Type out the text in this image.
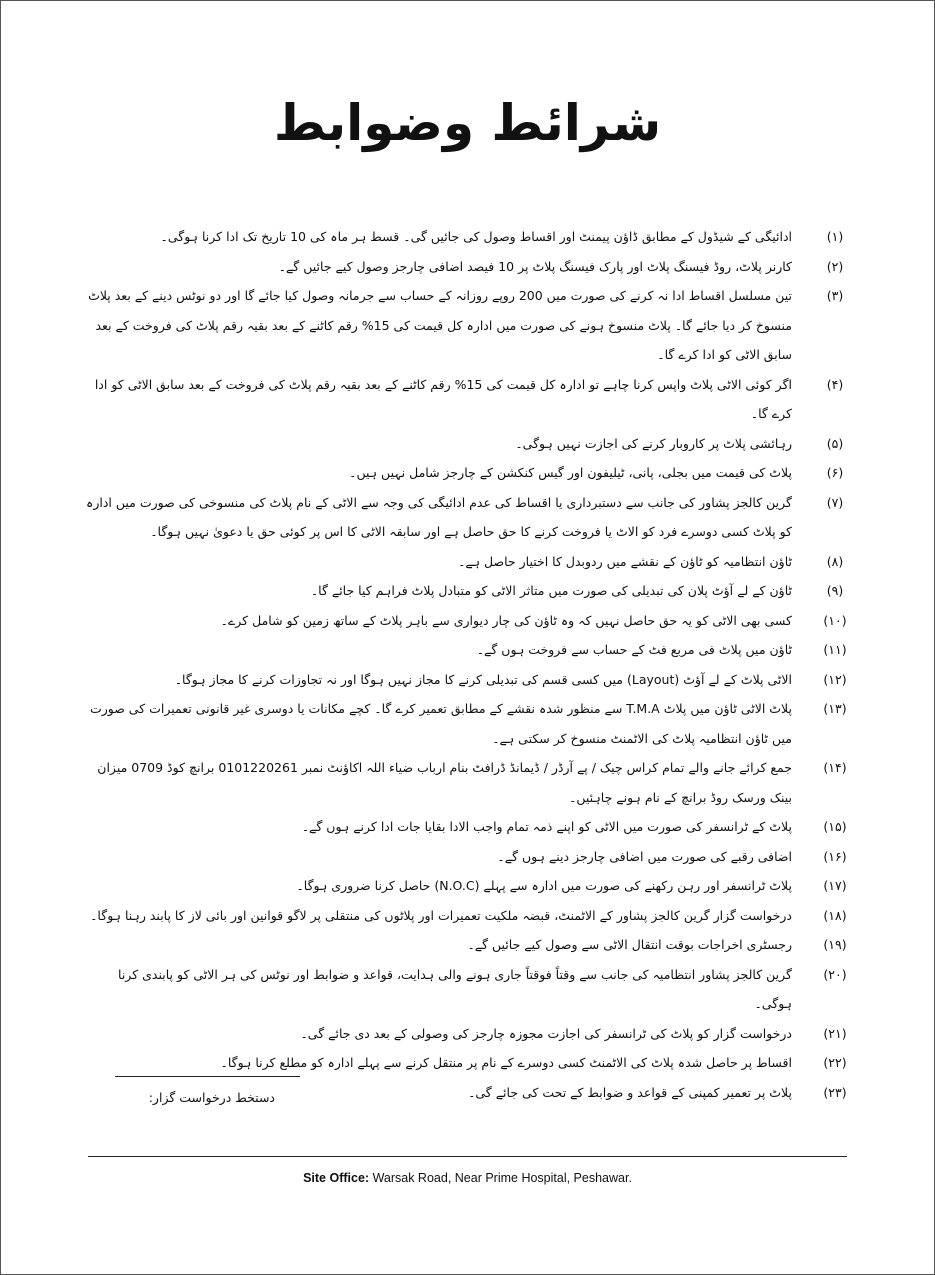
شرائط وضوابط
ادائیگی کے شیڈول کے مطابق ڈاؤن پیمنٹ اور اقساط وصول کی جائیں گی۔ قسط ہر ماہ کی 10 تاریخ تک ادا کرنا ہوگی۔	(۱)
کارنر پلاٹ، روڈ فیسنگ پلاٹ اور پارک فیسنگ پلاٹ پر 10 فیصد اضافی چارجز وصول کیے جائیں گے۔	(۲)
تین مسلسل اقساط ادا نہ کرنے کی صورت میں 200 روپے روزانہ کے حساب سے جرمانہ وصول کیا جائے گا اور دو نوٹس دینے کے بعد پلاٹ منسوخ کر دیا جائے گا۔ پلاٹ منسوخ ہونے کی صورت میں ادارہ کل قیمت کی 15% رقم کاٹنے کے بعد بقیہ رقم پلاٹ کی فروخت کے بعد سابق الاٹی کو ادا کرے گا۔
(۳)
اگر کوئی الاٹی پلاٹ واپس کرنا چاہے تو ادارہ کل قیمت کی 15% رقم کاٹنے کے بعد بقیہ رقم پلاٹ کی فروخت کے بعد سابق الاٹی کو ادا کرے گا۔
(۴)
رہائشی پلاٹ پر کاروبار کرنے کی اجازت نہیں ہوگی۔	(۵)
پلاٹ کی قیمت میں بجلی، پانی، ٹیلیفون اور گیس کنکشن کے چارجز شامل نہیں ہیں۔	(۶)
گرین کالجز پشاور کی جانب سے دستبرداری یا اقساط کی عدم ادائیگی کی وجہ سے الاٹی کے نام پلاٹ کی منسوخی کی صورت میں ادارہ کو پلاٹ کسی دوسرے فرد کو الاٹ یا فروخت کرنے کا حق حاصل ہے اور سابقہ الاٹی کا اس پر کوئی حق یا دعویٰ نہیں ہوگا۔
(۷)
ٹاؤن انتظامیہ کو ٹاؤن کے نقشے میں ردوبدل کا اختیار حاصل ہے۔	(۸)
ٹاؤن کے لے آؤٹ پلان کی تبدیلی کی صورت میں متاثر الاٹی کو متبادل پلاٹ فراہم کیا جائے گا۔	(۹)
کسی بھی الاٹی کو یہ حق حاصل نہیں کہ وہ ٹاؤن کی چار دیواری سے باہر پلاٹ کے ساتھ زمین کو شامل کرے۔	(۱۰)
ٹاؤن میں پلاٹ فی مربع فٹ کے حساب سے فروخت ہوں گے۔	(۱۱)
الاٹی پلاٹ کے لے آؤٹ (Layout) میں کسی قسم کی تبدیلی کرنے کا مجاز نہیں ہوگا اور نہ تجاوزات کرنے کا مجاز ہوگا۔	(۱۲)
پلاٹ الاٹی ٹاؤن میں پلاٹ T.M.A سے منظور شدہ نقشے کے مطابق تعمیر کرے گا۔ کچے مکانات یا دوسری غیر قانونی تعمیرات کی صورت میں ٹاؤن انتظامیہ پلاٹ کی الاٹمنٹ منسوخ کر سکتی ہے۔
(۱۳)
جمع کرائے جانے والے تمام کراس چیک / پے آرڈر / ڈیمانڈ ڈرافٹ بنام ارباب ضیاء اللہ اکاؤنٹ نمبر 0101220261 برانچ کوڈ 0709 میزان بینک ورسک روڈ برانچ کے نام ہونے چاہئیں۔
(۱۴)
پلاٹ کے ٹرانسفر کی صورت میں الاٹی کو اپنے ذمہ تمام واجب الادا بقایا جات ادا کرنے ہوں گے۔	(۱۵)
اضافی رقبے کی صورت میں اضافی چارجز دینے ہوں گے۔	(۱۶)
پلاٹ ٹرانسفر اور رہن رکھنے کی صورت میں ادارہ سے پہلے (N.O.C) حاصل کرنا ضروری ہوگا۔	(۱۷)
درخواست گزار گرین کالجز پشاور کے الاٹمنٹ، قبضہ ملکیت تعمیرات اور پلاٹوں کی منتقلی پر لاگو قوانین اور بائی لاز کا پابند رہنا ہوگا۔	(۱۸)
رجسٹری اخراجات بوقت انتقال الاٹی سے وصول کیے جائیں گے۔	(۱۹)
گرین کالجز پشاور انتظامیہ کی جانب سے وقتاً فوقتاً جاری ہونے والی ہدایت، قواعد و ضوابط اور نوٹس کی ہر الاٹی کو پابندی کرنا ہوگی۔
(۲۰)
درخواست گزار کو پلاٹ کی ٹرانسفر کی اجازت مجوزہ چارجز کی وصولی کے بعد دی جائے گی۔	(۲۱)
اقساط پر حاصل شدہ پلاٹ کی الاٹمنٹ کسی دوسرے کے نام پر منتقل کرنے سے پہلے ادارہ کو مطلع کرنا ہوگا۔	(۲۲)
پلاٹ پر تعمیر کمپنی کے قواعد و ضوابط کے تحت کی جائے گی۔	(۲۳)
دستخط درخواست گزار:
Site Office: Warsak Road, Near Prime Hospital, Peshawar.
